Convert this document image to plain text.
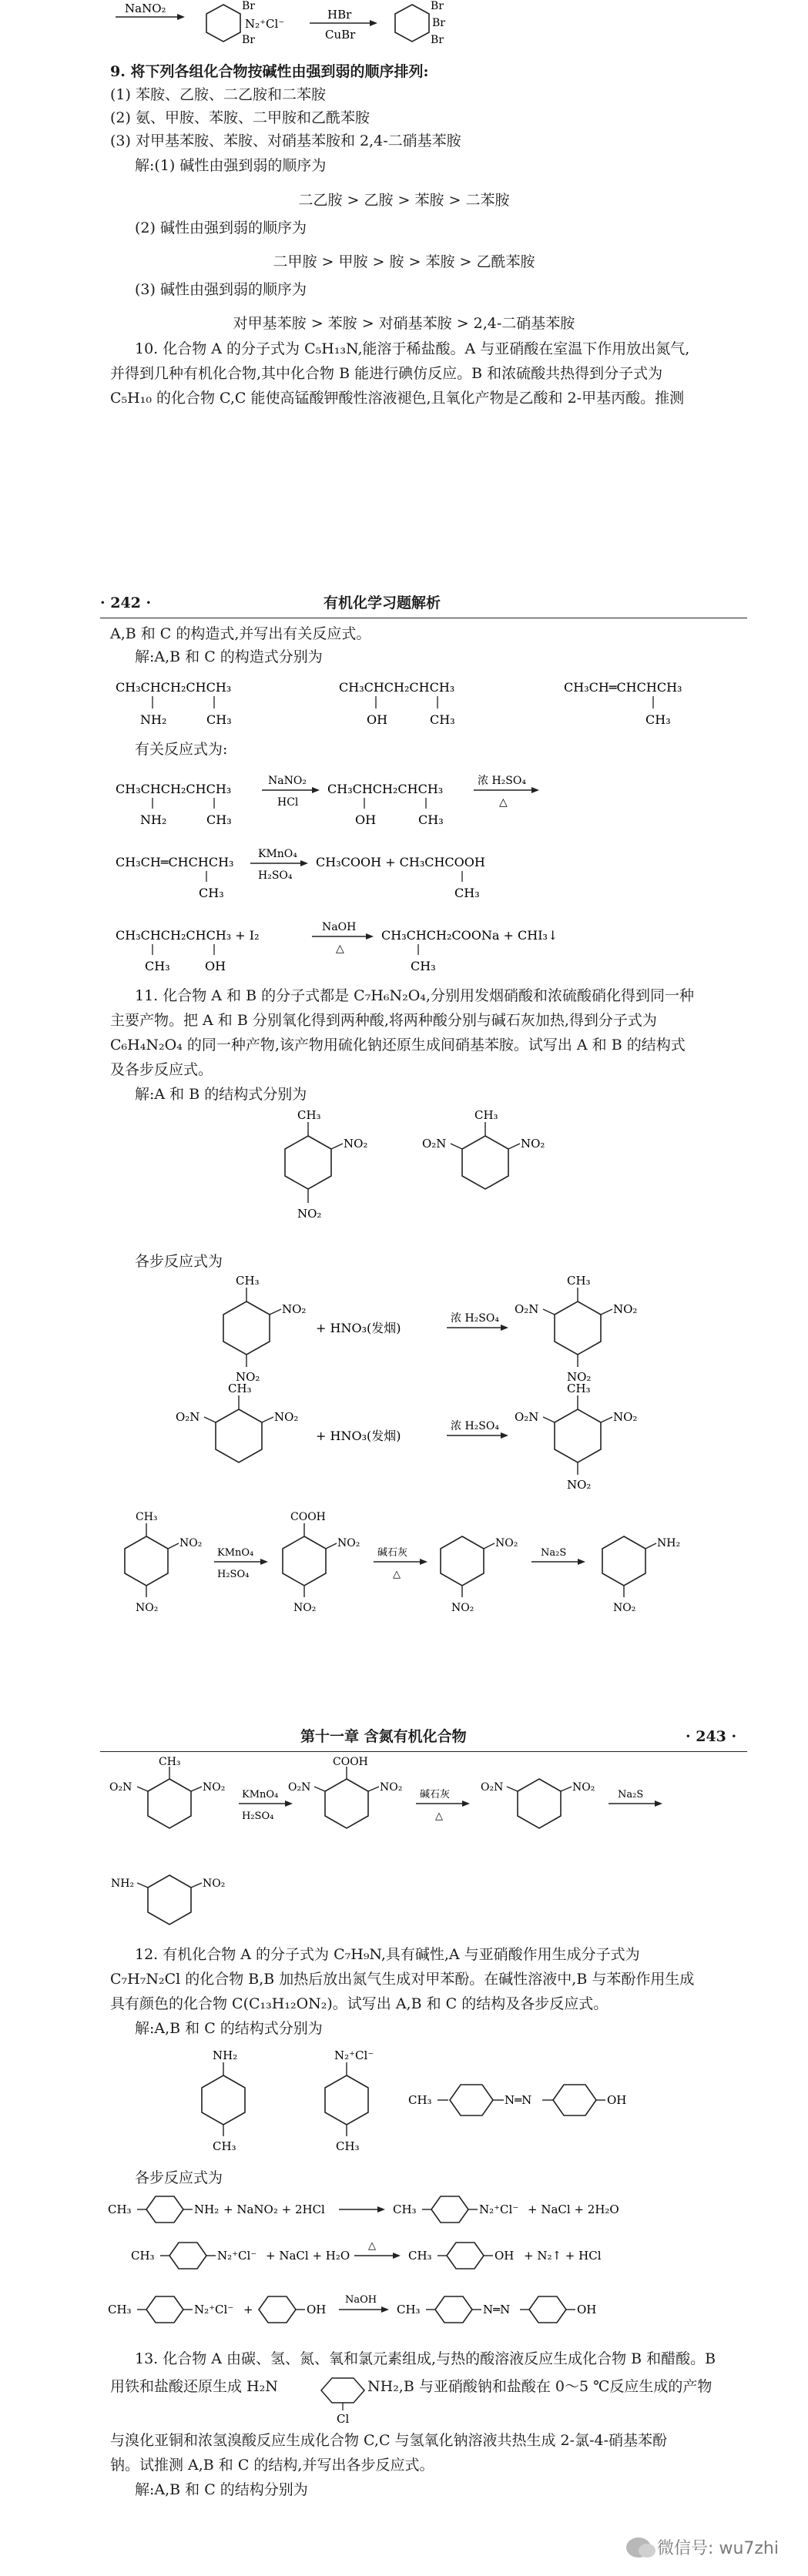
NaNO₂	Br
Br
N₂⁺Cl⁻
HBr
CuBr
Br
Br
Br
9. 将下列各组化合物按碱性由强到弱的顺序排列:
(1) 苯胺、乙胺、二乙胺和二苯胺
(2) 氨、甲胺、苯胺、二甲胺和乙酰苯胺
(3) 对甲基苯胺、苯胺、对硝基苯胺和 2,4-二硝基苯胺
解:(1) 碱性由强到弱的顺序为
二乙胺 > 乙胺 > 苯胺 > 二苯胺
(2) 碱性由强到弱的顺序为
二甲胺 > 甲胺 > 胺 > 苯胺 > 乙酰苯胺
(3) 碱性由强到弱的顺序为
对甲基苯胺 > 苯胺 > 对硝基苯胺 > 2,4-二硝基苯胺
10. 化合物 A 的分子式为 C₅H₁₃N,能溶于稀盐酸。A 与亚硝酸在室温下作用放出氮气,
并得到几种有机化合物,其中化合物 B 能进行碘仿反应。B 和浓硫酸共热得到分子式为
C₅H₁₀ 的化合物 C,C 能使高锰酸钾酸性溶液褪色,且氧化产物是乙酸和 2-甲基丙酸。推测
· 242 ·	有机化学习题解析
A,B 和 C 的构造式,并写出有关反应式。
解:A,B 和 C 的构造式分别为
CH₃CHCH₂CHCH₃
NH₂	CH₃
CH₃CHCH₂CHCH₃
OH	CH₃
CH₃CH═CHCHCH₃
CH₃
有关反应式为:
CH₃CHCH₂CHCH₃
NH₂	CH₃
NaNO₂
HCl
CH₃CHCH₂CHCH₃
OH	CH₃
浓 H₂SO₄
△
CH₃CH═CHCHCH₃
CH₃
KMnO₄
H₂SO₄
CH₃COOH + CH₃CHCOOH
CH₃
CH₃CHCH₂CHCH₃ + I₂
CH₃	OH
NaOH
△
CH₃CHCH₂COONa + CHI₃↓
CH₃
11. 化合物 A 和 B 的分子式都是 C₇H₆N₂O₄,分别用发烟硝酸和浓硫酸硝化得到同一种
主要产物。把 A 和 B 分别氧化得到两种酸,将两种酸分别与碱石灰加热,得到分子式为
C₆H₄N₂O₄ 的同一种产物,该产物用硫化钠还原生成间硝基苯胺。试写出 A 和 B 的结构式
及各步反应式。
解:A 和 B 的结构式分别为
CH₃
NO₂
NO₂
CH₃
NO₂
O₂N
各步反应式为
CH₃
NO₂
NO₂
+ HNO₃(发烟)
浓 H₂SO₄
CH₃
NO₂
O₂N
NO₂
CH₃
NO₂
O₂N
+ HNO₃(发烟)
浓 H₂SO₄
CH₃
NO₂
O₂N
NO₂
CH₃
NO₂
NO₂
KMnO₄
H₂SO₄
COOH
NO₂
NO₂
碱石灰
△
NO₂
NO₂
Na₂S
NH₂
NO₂
第十一章 含氮有机化合物	· 243 ·
CH₃
NO₂
O₂N
KMnO₄
H₂SO₄
COOH
NO₂
O₂N
碱石灰
△
NO₂
O₂N
Na₂S
NO₂
NH₂
12. 有机化合物 A 的分子式为 C₇H₉N,具有碱性,A 与亚硝酸作用生成分子式为
C₇H₇N₂Cl 的化合物 B,B 加热后放出氮气生成对甲苯酚。在碱性溶液中,B 与苯酚作用生成
具有颜色的化合物 C(C₁₃H₁₂ON₂)。试写出 A,B 和 C 的结构及各步反应式。
解:A,B 和 C 的结构式分别为
NH₂
CH₃
N₂⁺Cl⁻
CH₃
CH₃	N═N	OH
各步反应式为
CH₃	NH₂ + NaNO₂ + 2HCl	CH₃	N₂⁺Cl⁻ + NaCl + 2H₂O
CH₃	N₂⁺Cl⁻ + NaCl + H₂O
△
CH₃	OH + N₂↑ + HCl
CH₃	N₂⁺Cl⁻ +	OH
NaOH
CH₃	N═N	OH
13. 化合物 A 由碳、氢、氮、氧和氯元素组成,与热的酸溶液反应生成化合物 B 和醋酸。B
用铁和盐酸还原生成 H₂N
Cl
NH₂,B 与亚硝酸钠和盐酸在 0～5 ℃反应生成的产物
与溴化亚铜和浓氢溴酸反应生成化合物 C,C 与氢氧化钠溶液共热生成 2-氯-4-硝基苯酚
钠。试推测 A,B 和 C 的结构,并写出各步反应式。
解:A,B 和 C 的结构分别为
微信号: wu7zhi
